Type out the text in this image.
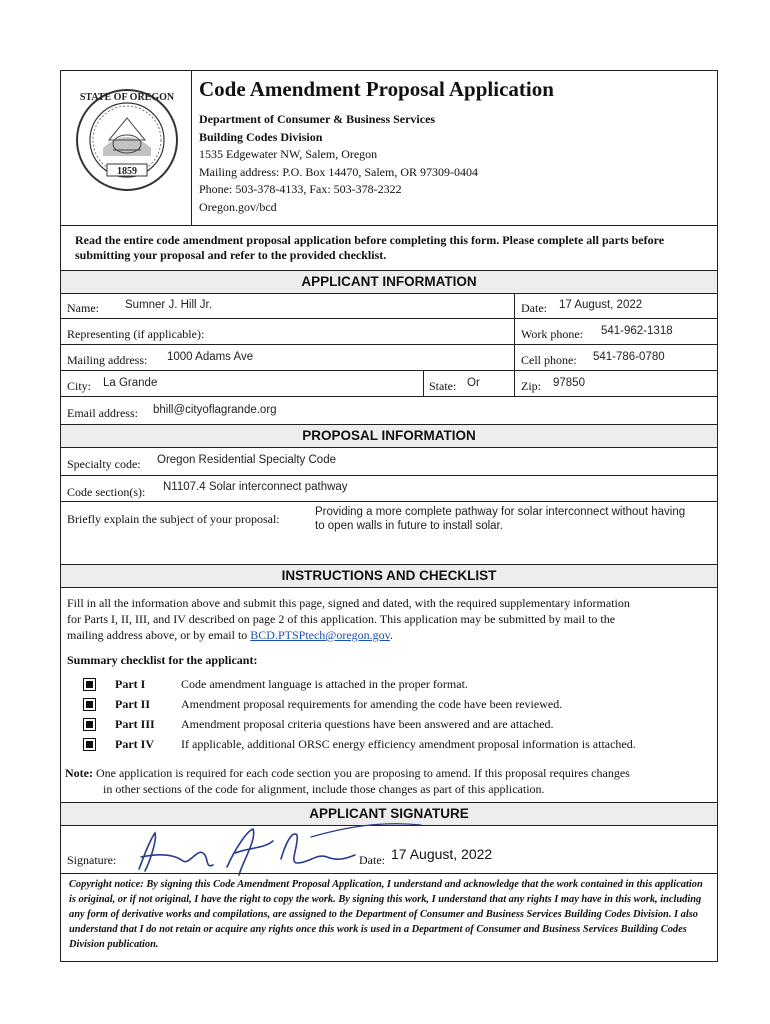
1859
STATE OF OREGON Code Amendment Proposal Application
Department of Consumer & Business Services
Building Codes Division
1535 Edgewater NW, Salem, Oregon
Mailing address: P.O. Box 14470, Salem, OR 97309-0404
Phone: 503-378-4133, Fax: 503-378-2322
Oregon.gov/bcd
Read the entire code amendment proposal application before completing this form. Please complete all parts before submitting your proposal and refer to the provided checklist.
APPLICANT INFORMATION
Name: Sumner J. Hill Jr.	Date: 17 August, 2022
Representing (if applicable):	Work phone: 541-962-1318
Mailing address: 1000 Adams Ave	Cell phone: 541-786-0780
City: La Grande	State: Or	Zip: 97850
Email address: bhill@cityoflagrande.org
PROPOSAL INFORMATION
Specialty code: Oregon Residential Specialty Code
Code section(s): N1107.4 Solar interconnect pathway
Briefly explain the subject of your proposal:	Providing a more complete pathway for solar interconnect without having
to open walls in future to install solar.
INSTRUCTIONS AND CHECKLIST
Fill in all the information above and submit this page, signed and dated, with the required supplementary information
for Parts I, II, III, and IV described on page 2 of this application. This application may be submitted by mail to the
mailing address above, or by email to BCD.PTSPtech@oregon.gov.
Summary checklist for the applicant:
Part I	Code amendment language is attached in the proper format.
Part II	Amendment proposal requirements for amending the code have been reviewed.
Part III Amendment proposal criteria questions have been answered and are attached.
Part IV If applicable, additional ORSC energy efficiency amendment proposal information is attached.
Note: One application is required for each code section you are proposing to amend. If this proposal requires changes
in other sections of the code for alignment, include those changes as part of this application.
APPLICANT SIGNATURE
Signature:	Date: 17 August, 2022
Copyright notice: By signing this Code Amendment Proposal Application, I understand and acknowledge that the work contained in this application is original, or if not original, I have the right to copy the work. By signing this work, I understand that any rights I may have in this work, including any form of derivative works and compilations, are assigned to the Department of Consumer and Business Services Building Codes Division. I also understand that I do not retain or acquire any rights once this work is used in a Department of Consumer and Business Services Building Codes Division publication.
